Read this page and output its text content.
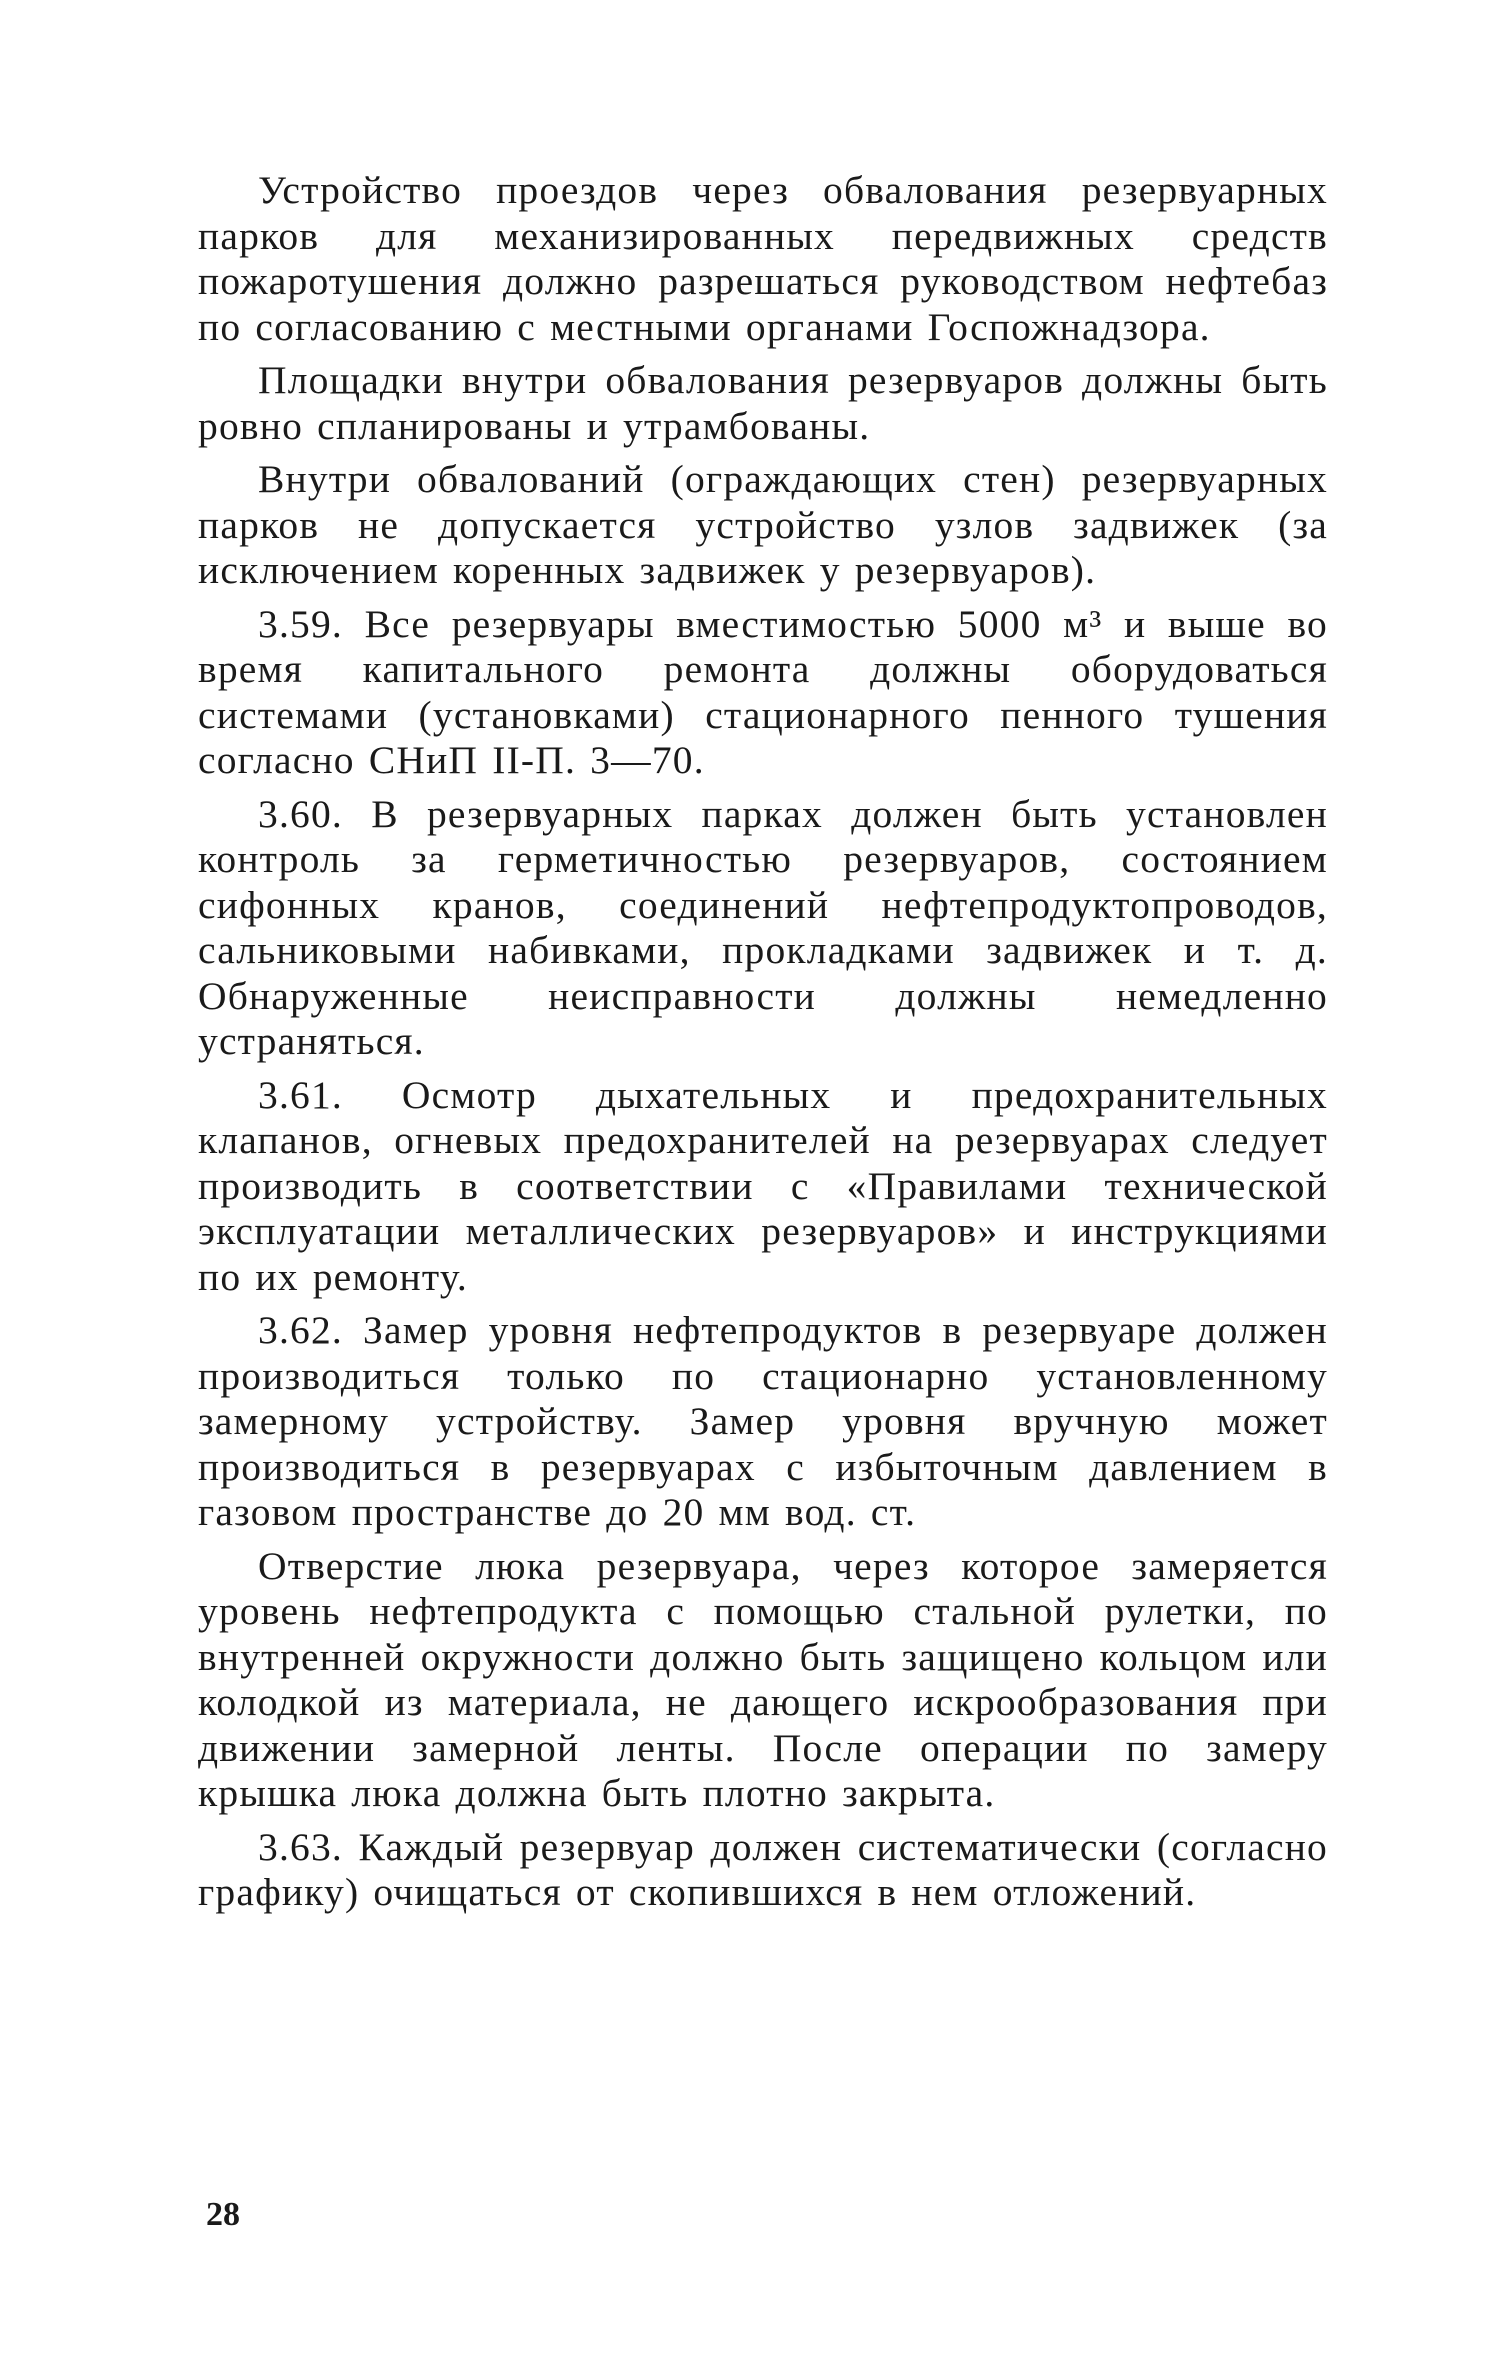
Устройство проездов через обвалования резервуарных парков для механизированных передвижных средств пожаротушения должно разрешаться руководством нефтебаз по согласованию с местными органами Госпожнадзора.

Площадки внутри обвалования резервуаров должны быть ровно спланированы и утрамбованы.

Внутри обвалований (ограждающих стен) резервуарных парков не допускается устройство узлов задвижек (за исключением коренных задвижек у резервуаров).

3.59. Все резервуары вместимостью 5000 м³ и выше во время капитального ремонта должны оборудоваться системами (установками) стационарного пенного тушения согласно СНиП II-П. 3—70.

3.60. В резервуарных парках должен быть установлен контроль за герметичностью резервуаров, состоянием сифонных кранов, соединений нефтепродуктопроводов, сальниковыми набивками, прокладками задвижек и т. д. Обнаруженные неисправности должны немедленно устраняться.

3.61. Осмотр дыхательных и предохранительных клапанов, огневых предохранителей на резервуарах следует производить в соответствии с «Правилами технической эксплуатации металлических резервуаров» и инструкциями по их ремонту.

3.62. Замер уровня нефтепродуктов в резервуаре должен производиться только по стационарно установленному замерному устройству. Замер уровня вручную может производиться в резервуарах с избыточным давлением в газовом пространстве до 20 мм вод. ст.

Отверстие люка резервуара, через которое замеряется уровень нефтепродукта с помощью стальной рулетки, по внутренней окружности должно быть защищено кольцом или колодкой из материала, не дающего искрообразования при движении замерной ленты. После операции по замеру крышка люка должна быть плотно закрыта.

3.63. Каждый резервуар должен систематически (согласно графику) очищаться от скопившихся в нем отложений.

28
